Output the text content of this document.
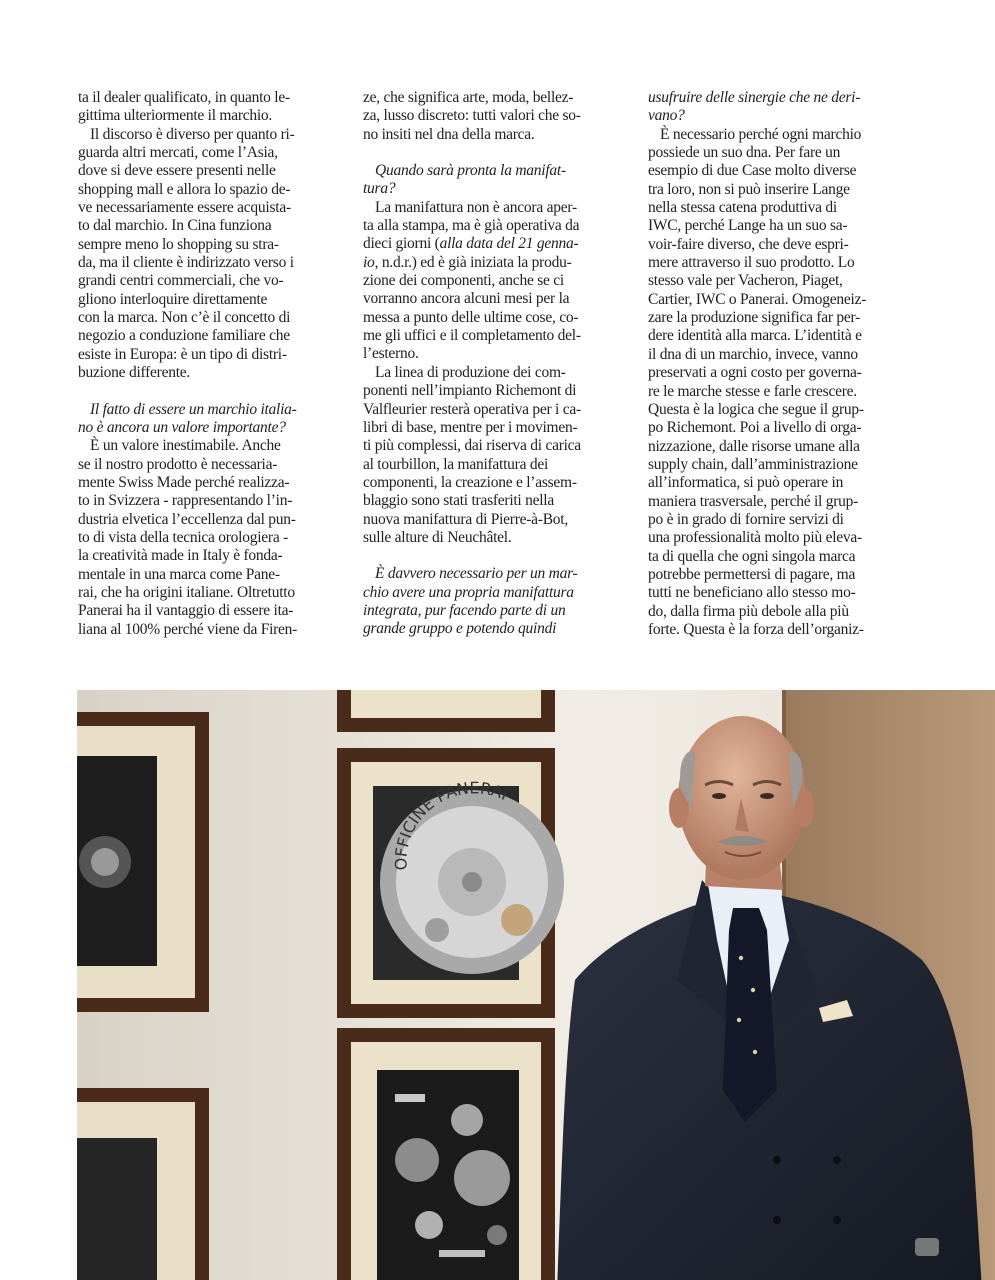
ta il dealer qualificato, in quanto le-
gittima ulteriormente il marchio.
Il discorso è diverso per quanto ri-
guarda altri mercati, come l’Asia,
dove si deve essere presenti nelle
shopping mall e allora lo spazio de-
ve necessariamente essere acquista-
to dal marchio. In Cina funziona
sempre meno lo shopping su stra-
da, ma il cliente è indirizzato verso i
grandi centri commerciali, che vo-
gliono interloquire direttamente
con la marca. Non c’è il concetto di
negozio a conduzione familiare che
esiste in Europa: è un tipo di distri-
buzione differente.
Il fatto di essere un marchio italia-
no è ancora un valore importante?
È un valore inestimabile. Anche
se il nostro prodotto è necessaria-
mente Swiss Made perché realizza-
to in Svizzera - rappresentando l’in-
dustria elvetica l’eccellenza dal pun-
to di vista della tecnica orologiera -
la creatività made in Italy è fonda-
mentale in una marca come Pane-
rai, che ha origini italiane. Oltretutto
Panerai ha il vantaggio di essere ita-
liana al 100% perché viene da Firen-
ze, che significa arte, moda, bellez-
za, lusso discreto: tutti valori che so-
no insiti nel dna della marca.
Quando sarà pronta la manifat-
tura?
La manifattura non è ancora aper-
ta alla stampa, ma è già operativa da
dieci giorni (alla data del 21 genna-
io, n.d.r.) ed è già iniziata la produ-
zione dei componenti, anche se ci
vorranno ancora alcuni mesi per la
messa a punto delle ultime cose, co-
me gli uffici e il completamento del-
l’esterno.
La linea di produzione dei com-
ponenti nell’impianto Richemont di
Valfleurier resterà operativa per i ca-
libri di base, mentre per i movimen-
ti più complessi, dai riserva di carica
al tourbillon, la manifattura dei
componenti, la creazione e l’assem-
blaggio sono stati trasferiti nella
nuova manifattura di Pierre-à-Bot,
sulle alture di Neuchâtel.
È davvero necessario per un mar-
chio avere una propria manifattura
integrata, pur facendo parte di un
grande gruppo e potendo quindi
usufruire delle sinergie che ne deri-
vano?
È necessario perché ogni marchio
possiede un suo dna. Per fare un
esempio di due Case molto diverse
tra loro, non si può inserire Lange
nella stessa catena produttiva di
IWC, perché Lange ha un suo sa-
voir-faire diverso, che deve espri-
mere attraverso il suo prodotto. Lo
stesso vale per Vacheron, Piaget,
Cartier, IWC o Panerai. Omogeneiz-
zare la produzione significa far per-
dere identità alla marca. L’identità e
il dna di un marchio, invece, vanno
preservati a ogni costo per governa-
re le marche stesse e farle crescere.
Questa è la logica che segue il grup-
po Richemont. Poi a livello di orga-
nizzazione, dalle risorse umane alla
supply chain, dall’amministrazione
all’informatica, si può operare in
maniera trasversale, perché il grup-
po è in grado di fornire servizi di
una professionalità molto più eleva-
ta di quella che ogni singola marca
potrebbe permettersi di pagare, ma
tutti ne beneficiano allo stesso mo-
do, dalla firma più debole alla più
forte. Questa è la forza dell’organiz-
OFFICINE PANERAI
